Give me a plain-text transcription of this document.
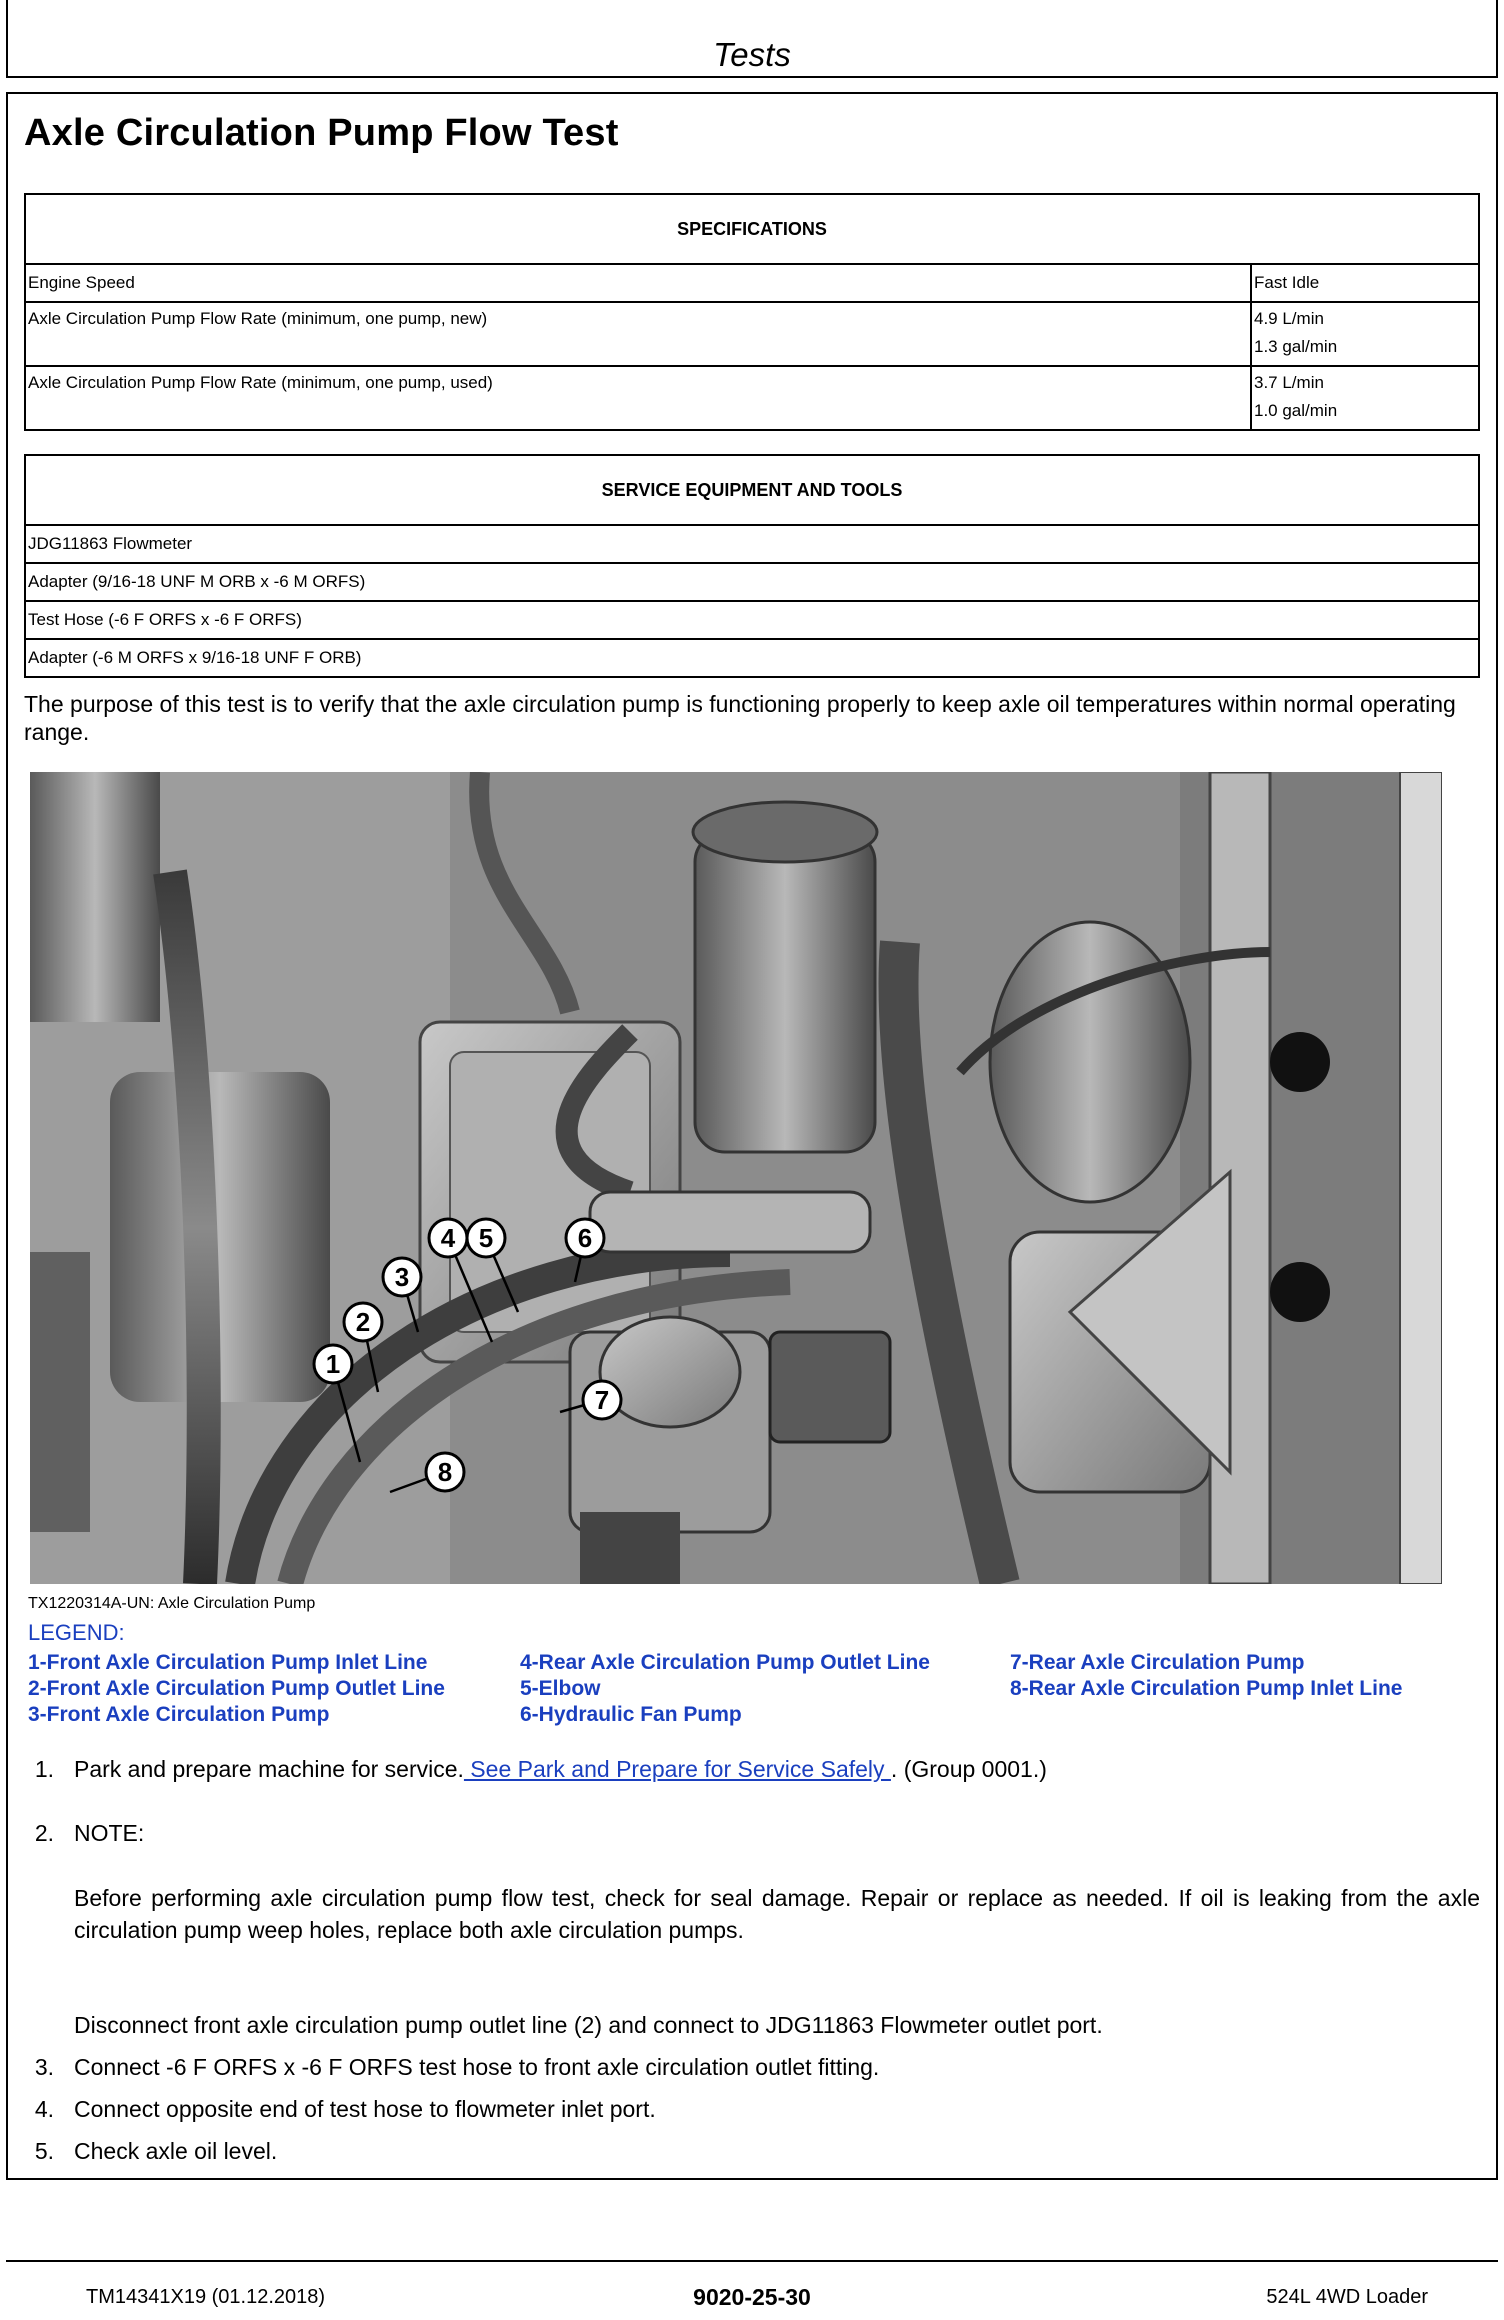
Tests
Axle Circulation Pump Flow Test
SPECIFICATIONS	
Engine Speed	Fast Idle

Axle Circulation Pump Flow Rate (minimum, one pump, new)	4.9 L/min
1.3 gal/min

Axle Circulation Pump Flow Rate (minimum, one pump, used)	3.7 L/min
1.0 gal/min
SERVICE EQUIPMENT AND TOOLS
JDG11863 Flowmeter
Adapter (9/16-18 UNF M ORB x -6 M ORFS)
Test Hose (-6 F ORFS x -6 F ORFS)
Adapter (-6 M ORFS x 9/16-18 UNF F ORB)
The purpose of this test is to verify that the axle circulation pump is functioning properly to keep axle oil temperatures within normal operating range.
1
2
3
4 5	6
7
8
TX1220314A-UN: Axle Circulation Pump
LEGEND:
1-Front Axle Circulation Pump Inlet Line
2-Front Axle Circulation Pump Outlet Line
3-Front Axle Circulation Pump
4-Rear Axle Circulation Pump Outlet Line
5-Elbow
6-Hydraulic Fan Pump
7-Rear Axle Circulation Pump
8-Rear Axle Circulation Pump Inlet Line
1. Park and prepare machine for service. See Park and Prepare for Service Safely . (Group 0001.)
2. NOTE:
Disconnect front axle circulation pump outlet line (2) and connect to JDG11863 Flowmeter outlet port.
3. Connect -6 F ORFS x -6 F ORFS test hose to front axle circulation outlet fitting.
4. Connect opposite end of test hose to flowmeter inlet port.
5. Check axle oil level.
Before performing axle circulation pump flow test, check for seal damage. Repair or replace as needed. If oil is leaking from the axle circulation pump weep holes, replace both axle circulation pumps.
TM14341X19 (01.12.2018)	9020-25-30	524L 4WD Loader
